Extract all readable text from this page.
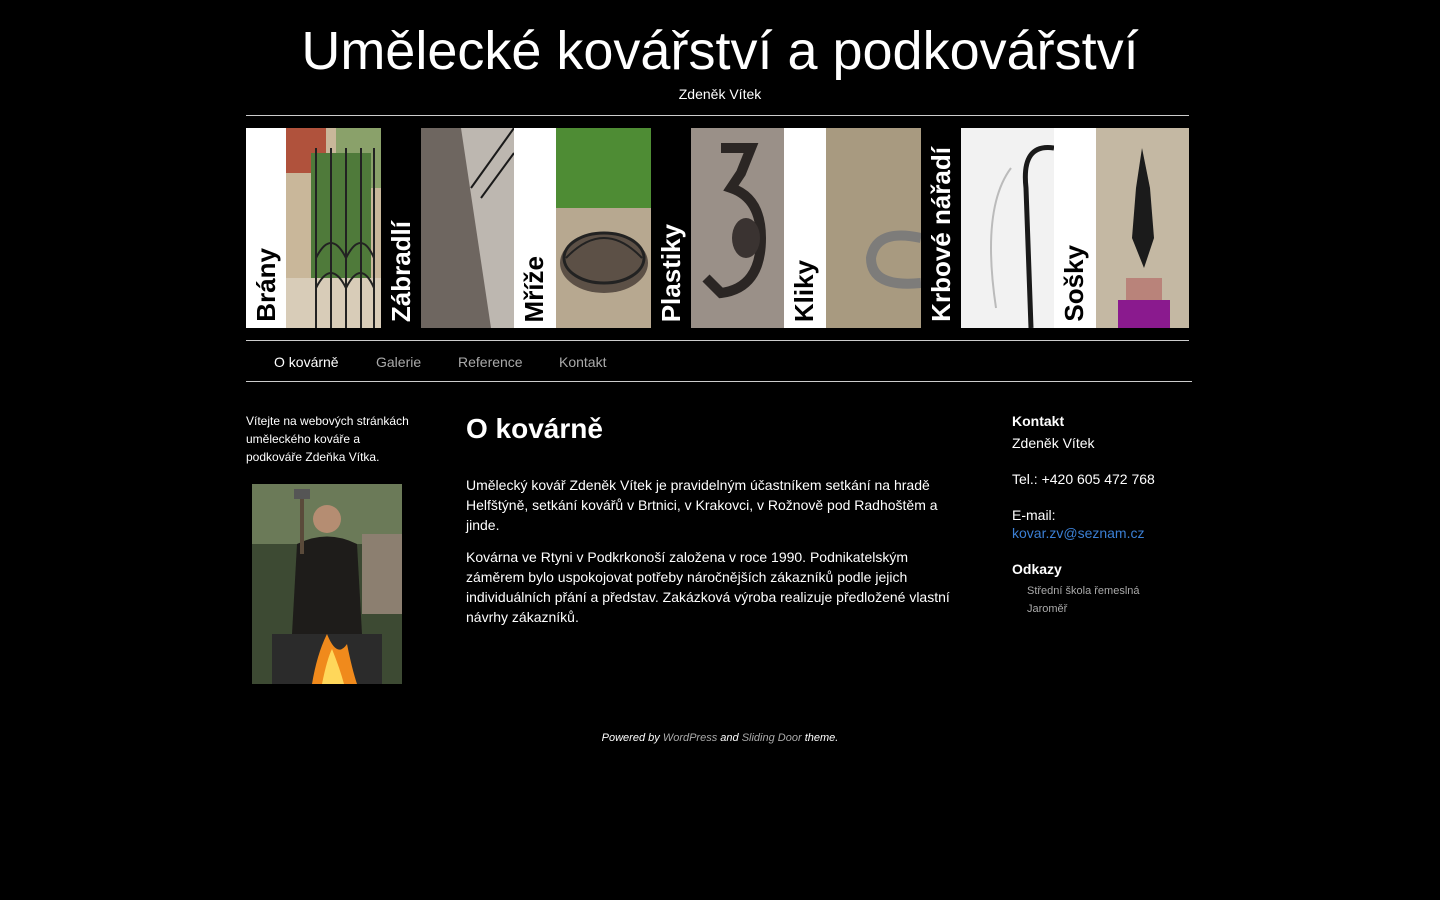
Umělecké kovářství a podkovářství
Zdeněk Vítek
Brány	Zábradlí	Mříže	Plastiky	Kliky	Krbové nářadí	Sošky
O kovárně	Galerie	Reference	Kontakt
Vítejte na webových stránkách uměleckého kováře a podkováře Zdeňka Vítka.
O kovárně

Umělecký kovář Zdeněk Vítek je pravidelným účastníkem setkání na hradě Helfštýně, setkání kovářů v Brtnici, v Krakovci, v Rožnově pod Radhoštěm a jinde.

Kovárna ve Rtyni v Podkrkonoší založena v roce 1990. Podnikatelským záměrem bylo uspokojovat potřeby náročnějších zákazníků podle jejich individuálních přání a představ. Zakázková výroba realizuje předložené vlastní návrhy zákazníků.

Kontakt
Zdeněk Vítek
Tel.: +420 605 472 768
E-mail:
kovar.zv@seznam.cz
Odkazy
Střední škola řemeslná Jaroměř
Powered by WordPress and Sliding Door theme.
